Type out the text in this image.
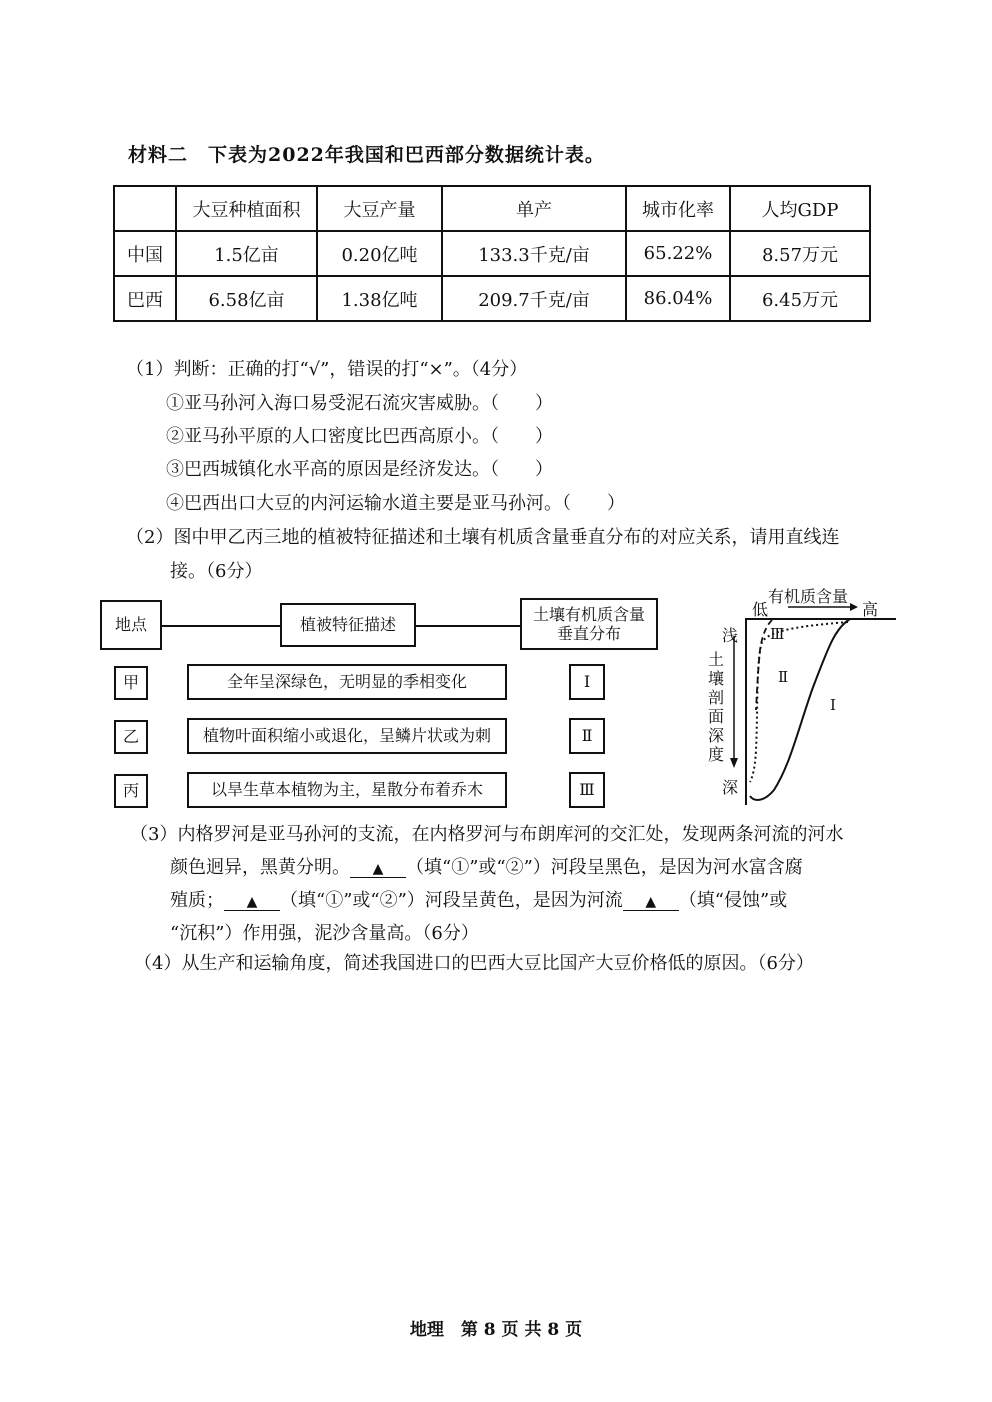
材料二　下表为2022年我国和巴西部分数据统计表。
	大豆种植面积	大豆产量	单产	城市化率	人均GDP
中国	1.5亿亩	0.20亿吨	133.3千克/亩	65.22%	8.57万元
巴西	6.58亿亩	1.38亿吨	209.7千克/亩	86.04%	6.45万元
（1）判断：正确的打“√”，错误的打“×”。（4分）
①亚马孙河入海口易受泥石流灾害威胁。（　　）
②亚马孙平原的人口密度比巴西高原小。（　　）
③巴西城镇化水平高的原因是经济发达。（　　）
④巴西出口大豆的内河运输水道主要是亚马孙河。（　　）
（2）图中甲乙丙三地的植被特征描述和土壤有机质含量垂直分布的对应关系，请用直线连
接。（6分）
地点	植被特征描述
土壤有机质含量垂直分布
甲
乙
丙
全年呈深绿色，无明显的季相变化
植物叶面积缩小或退化，呈鳞片状或为刺
以旱生草本植物为主，星散分布着乔木
Ⅰ
Ⅱ
Ⅲ
有机质含量
低	高
浅
深
土壤剖面深度
Ⅲ
Ⅱ
Ⅰ
（3）内格罗河是亚马孙河的支流，在内格罗河与布朗库河的交汇处，发现两条河流的河水
颜色迥异，黑黄分明。 ▲ （填“①”或“②”）河段呈黑色，是因为河水富含腐
殖质； ▲ （填“①”或“②”）河段呈黄色，是因为河流 ▲ （填“侵蚀”或
“沉积”）作用强，泥沙含量高。（6分）
（4）从生产和运输角度，简述我国进口的巴西大豆比国产大豆价格低的原因。（6分）
地理　第 8 页 共 8 页
